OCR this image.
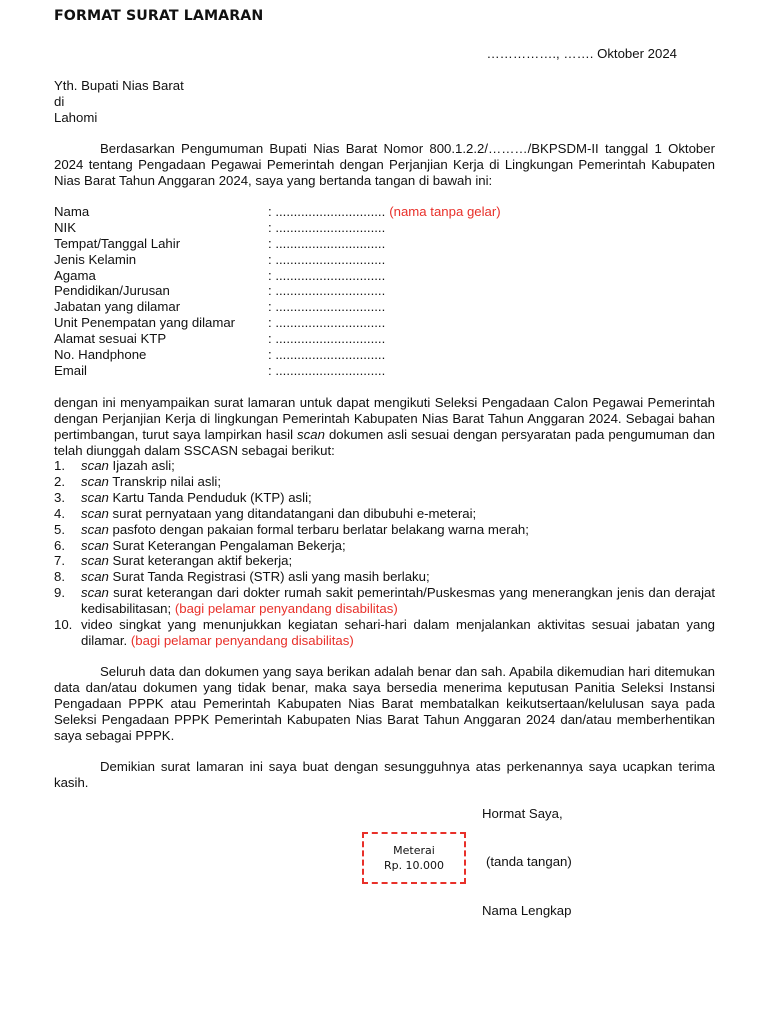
FORMAT SURAT LAMARAN
……………., ……. Oktober 2024
Yth. Bupati Nias Barat
di
Lahomi
Berdasarkan Pengumuman Bupati Nias Barat Nomor 800.1.2.2/………/BKPSDM-II tanggal 1 Oktober 2024 tentang Pengadaan Pegawai Pemerintah dengan Perjanjian Kerja di Lingkungan Pemerintah Kabupaten Nias Barat Tahun Anggaran 2024, saya yang bertanda tangan di bawah ini:
Nama	: .............................. (nama tanpa gelar)
NIK	: ..............................
Tempat/Tanggal Lahir	: ..............................
Jenis Kelamin	: ..............................
Agama	: ..............................
Pendidikan/Jurusan	: ..............................
Jabatan yang dilamar	: ..............................
Unit Penempatan yang dilamar	: ..............................
Alamat sesuai KTP	: ..............................
No. Handphone	: ..............................
Email	: ..............................
dengan ini menyampaikan surat lamaran untuk dapat mengikuti Seleksi Pengadaan Calon Pegawai Pemerintah dengan Perjanjian Kerja di lingkungan Pemerintah Kabupaten Nias Barat Tahun Anggaran 2024. Sebagai bahan pertimbangan, turut saya lampirkan hasil scan dokumen asli sesuai dengan persyaratan pada pengumuman dan telah diunggah dalam SSCASN sebagai berikut:
1. scan Ijazah asli;
2. scan Transkrip nilai asli;
3. scan Kartu Tanda Penduduk (KTP) asli;
4. scan surat pernyataan yang ditandatangani dan dibubuhi e-meterai;
5. scan pasfoto dengan pakaian formal terbaru berlatar belakang warna merah;
6. scan Surat Keterangan Pengalaman Bekerja;
7. scan Surat keterangan aktif bekerja;
8. scan Surat Tanda Registrasi (STR) asli yang masih berlaku;
9. scan surat keterangan dari dokter rumah sakit pemerintah/Puskesmas yang menerangkan jenis dan derajat kedisabilitasan; (bagi pelamar penyandang disabilitas)
10. video singkat yang menunjukkan kegiatan sehari-hari dalam menjalankan aktivitas sesuai jabatan yang dilamar. (bagi pelamar penyandang disabilitas)
Seluruh data dan dokumen yang saya berikan adalah benar dan sah. Apabila dikemudian hari ditemukan data dan/atau dokumen yang tidak benar, maka saya bersedia menerima keputusan Panitia Seleksi Instansi Pengadaan PPPK atau Pemerintah Kabupaten Nias Barat membatalkan keikutsertaan/kelulusan saya pada Seleksi Pengadaan PPPK Pemerintah Kabupaten Nias Barat Tahun Anggaran 2024 dan/atau memberhentikan saya sebagai PPPK.
Demikian surat lamaran ini saya buat dengan sesungguhnya atas perkenannya saya ucapkan terima kasih.
Hormat Saya,
Meterai
Rp. 10.000	(tanda tangan)
Nama Lengkap
